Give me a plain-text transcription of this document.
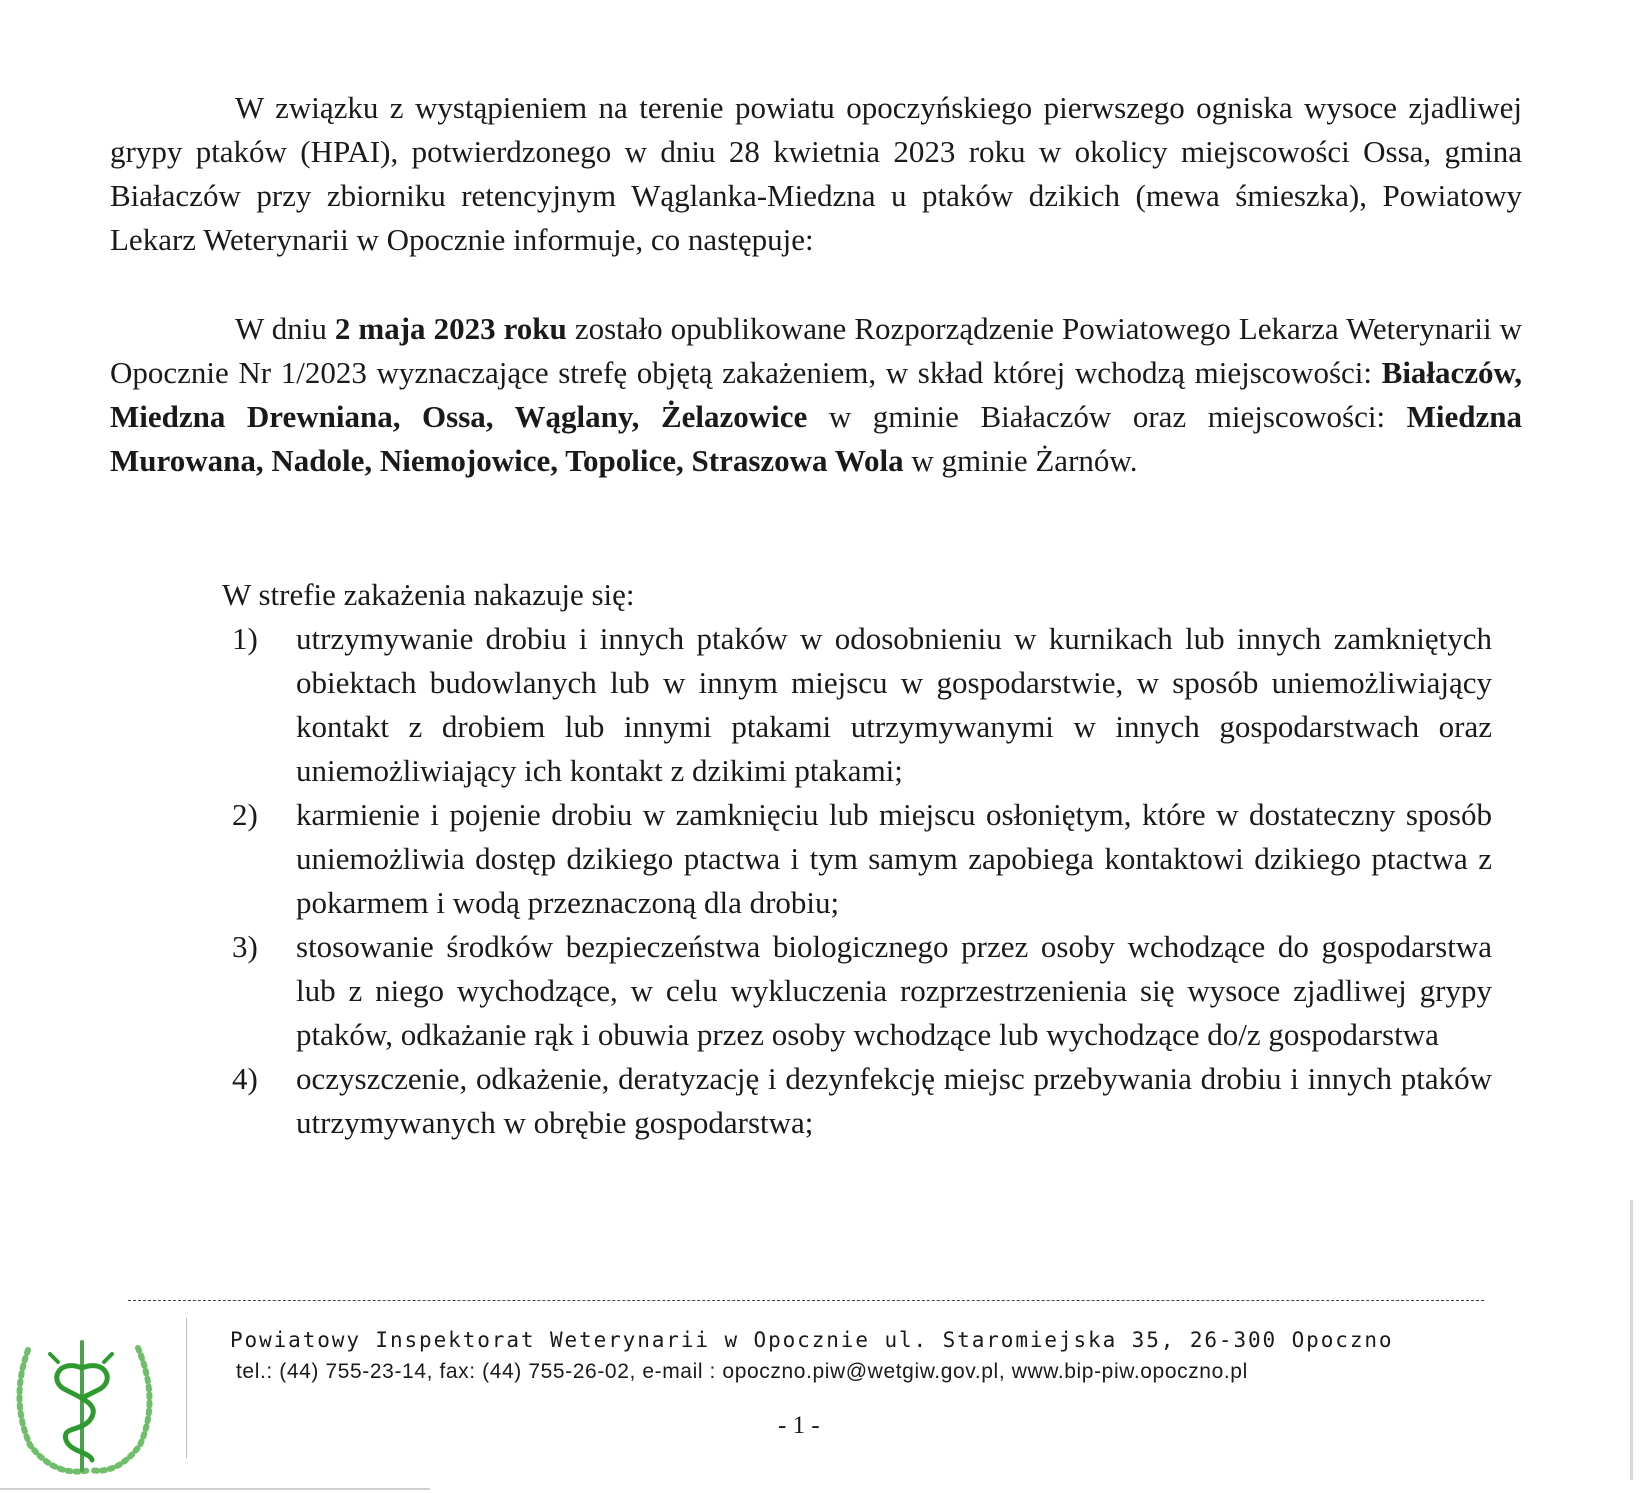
W związku z wystąpieniem na terenie powiatu opoczyńskiego pierwszego ogniska wysoce zjadliwej grypy ptaków (HPAI), potwierdzonego w dniu 28 kwietnia 2023 roku w okolicy miejscowości Ossa, gmina Białaczów przy zbiorniku retencyjnym Wąglanka-Miedzna u ptaków dzikich (mewa śmieszka), Powiatowy Lekarz Weterynarii w Opocznie informuje, co następuje:

W dniu 2 maja 2023 roku zostało opublikowane Rozporządzenie Powiatowego Lekarza Weterynarii w Opocznie Nr 1/2023 wyznaczające strefę objętą zakażeniem, w skład której wchodzą miejscowości: Białaczów, Miedzna Drewniana, Ossa, Wąglany, Żelazowice w gminie Białaczów oraz miejscowości: Miedzna Murowana, Nadole, Niemojowice, Topolice, Straszowa Wola w gminie Żarnów.

W strefie zakażenia nakazuje się:

1) utrzymywanie drobiu i innych ptaków w odosobnieniu w kurnikach lub innych zamkniętych obiektach budowlanych lub w innym miejscu w gospodarstwie, w sposób uniemożliwiający kontakt z drobiem lub innymi ptakami utrzymywanymi w innych gospodarstwach oraz uniemożliwiający ich kontakt z dzikimi ptakami;
2) karmienie i pojenie drobiu w zamknięciu lub miejscu osłoniętym, które w dostateczny sposób uniemożliwia dostęp dzikiego ptactwa i tym samym zapobiega kontaktowi dzikiego ptactwa z pokarmem i wodą przeznaczoną dla drobiu;
3) stosowanie środków bezpieczeństwa biologicznego przez osoby wchodzące do gospodarstwa lub z niego wychodzące, w celu wykluczenia rozprzestrzenienia się wysoce zjadliwej grypy ptaków, odkażanie rąk i obuwia przez osoby wchodzące lub wychodzące do/z gospodarstwa
4) oczyszczenie, odkażenie, deratyzację i dezynfekcję miejsc przebywania drobiu i innych ptaków utrzymywanych w obrębie gospodarstwa;

Powiatowy Inspektorat Weterynarii w Opocznie ul. Staromiejska 35, 26-300 Opoczno

tel.: (44) 755-23-14, fax: (44) 755-26-02, e-mail : opoczno.piw@wetgiw.gov.pl, www.bip-piw.opoczno.pl

- 1 -
